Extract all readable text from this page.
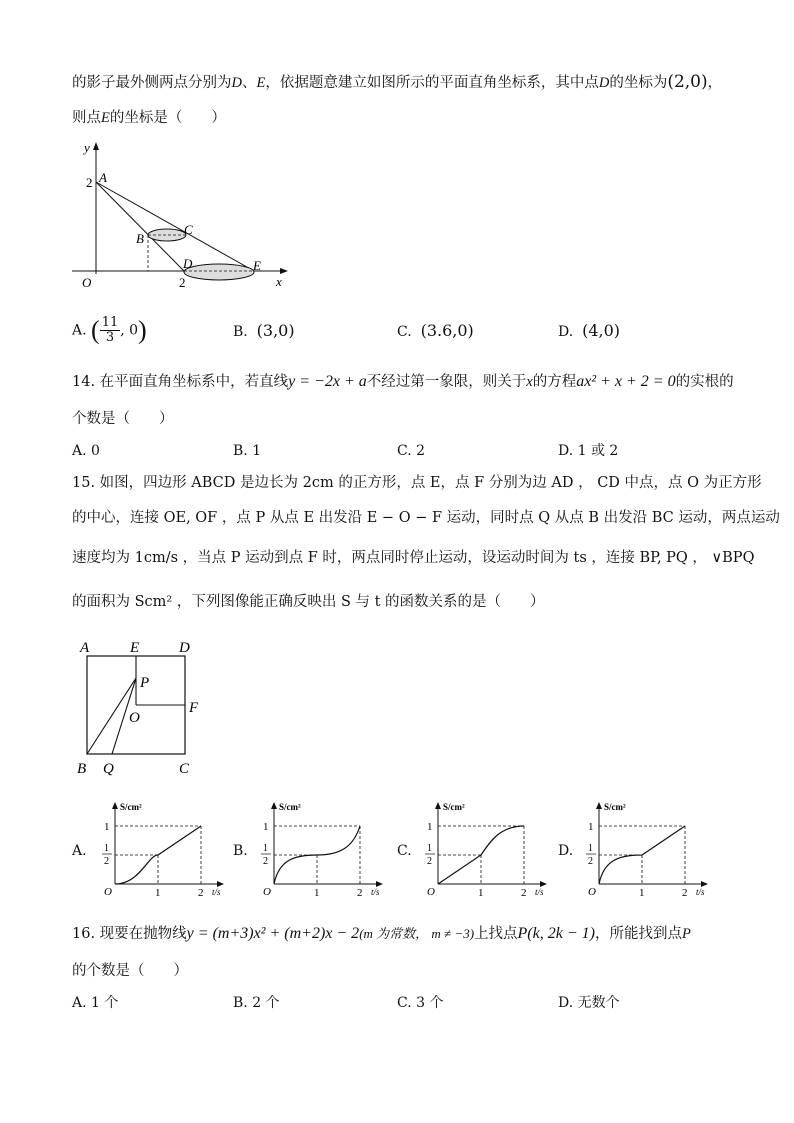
的影子最外侧两点分别为D、E，依据题意建立如图所示的平面直角坐标系，其中点D的坐标为(2,0)，
则点E的坐标是（　　）
y
x
O
A
B
C
D	E
2
2
A. ( $\frac{11}{3}$ , 0)	B. (3,0)	C. (3.6,0)	D. (4,0)
14. 在平面直角坐标系中，若直线y = −2x + a不经过第一象限，则关于x的方程ax² + x + 2 = 0的实根的
个数是（　　）
A. 0	B. 1	C. 2	D. 1 或 2
15. 如图，四边形 ABCD 是边长为 2cm 的正方形，点 E，点 F 分别为边 AD ， CD 中点，点 O 为正方形
的中心，连接 OE, OF ，点 P 从点 E 出发沿 E − O − F 运动，同时点 Q 从点 B 出发沿 BC 运动，两点运动
速度均为 1cm/s ，当点 P 运动到点 F 时，两点同时停止运动，设运动时间为 ts ，连接 BP, PQ ， ∨BPQ
的面积为 Scm² ，下列图像能正确反映出 S 与 t 的函数关系的是（　　）
A	E	D
P
O
F
B Q	C
A.	B.	C.	D.
S/cm²
t/s
O
1
1
2
1	2
S/cm²
t/s
O
1
1
2
1	2
S/cm²
t/s
O
1
1
2
1	2
S/cm²
t/s
O
1
1
2
1	2
16. 现要在抛物线y = (m+3)x² + (m+2)x − 2(m 为常数， m ≠ −3)上找点P(k, 2k − 1)，所能找到点P
的个数是（　　）
A. 1 个	B. 2 个	C. 3 个	D. 无数个
